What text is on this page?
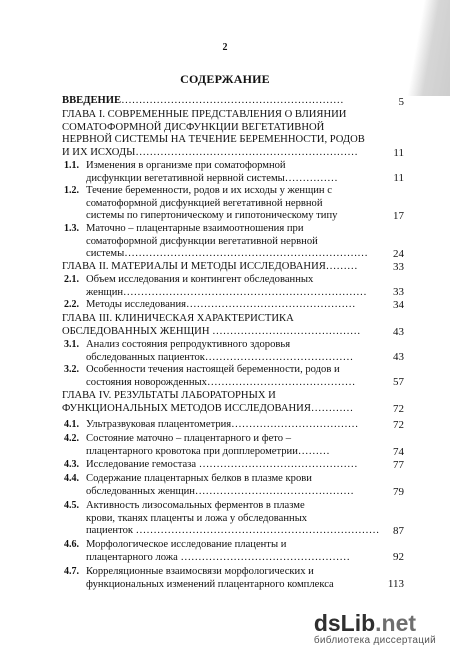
2
СОДЕРЖАНИЕ
ВВЕДЕНИЕ………………………………………………………	5
ГЛАВА I. СОВРЕМЕННЫЕ ПРЕДСТАВЛЕНИЯ О ВЛИЯНИИ
СОМАТОФОРМНОЙ ДИСФУНКЦИИ ВЕГЕТАТИВНОЙ
НЕРВНОЙ СИСТЕМЫ НА ТЕЧЕНИЕ БЕРЕМЕННОСТИ, РОДОВ
И ИХ ИСХОДЫ………………………………………………………	11
1.1. Изменения в организме при соматоформной
дисфункции вегетативной нервной системы……………	11
1.2. Течение беременности, родов и их исходы у женщин с
соматоформной дисфункцией вегетативной нервной
системы по гипертоническому и гипотоническому типу	17
1.3. Маточно – плацентарные взаимоотношения при
соматоформной дисфункции вегетативной нервной
системы……………………………………………………………	24
ГЛАВА II. МАТЕРИАЛЫ И МЕТОДЫ ИССЛЕДОВАНИЯ………	33
2.1. Объем исследования и контингент обследованных
женщин……………………………………………………………	33
2.2. Методы исследования…………………………………………	34
ГЛАВА III. КЛИНИЧЕСКАЯ ХАРАКТЕРИСТИКА
ОБСЛЕДОВАННЫХ ЖЕНЩИН ……………………………………	43
3.1. Анализ состояния репродуктивного здоровья
обследованных пациенток……………………………………	43
3.2. Особенности течения настоящей беременности, родов и
состояния новорожденных……………………………………	57
ГЛАВА IV. РЕЗУЛЬТАТЫ ЛАБОРАТОРНЫХ И
ФУНКЦИОНАЛЬНЫХ МЕТОДОВ ИССЛЕДОВАНИЯ…………	72
4.1. Ультразвуковая плацентометрия………………………………	72
4.2. Состояние маточно – плацентарного и фето –
плацентарного кровотока при допплерометрии………	74
4.3. Исследование гемостаза ………………………………………	77
4.4. Содержание плацентарных белков в плазме крови
обследованных женщин………………………………………	79
4.5. Активность лизосомальных ферментов в плазме
крови, тканях плаценты и ложа у обследованных
пациенток ……………………………………………………………	87
4.6. Морфологическое исследование плаценты и
плацентарного ложа …………………………………………	92
4.7. Корреляционные взаимосвязи морфологических и
функциональных изменений плацентарного комплекса	113
dsLib.net
библиотека диссертаций
